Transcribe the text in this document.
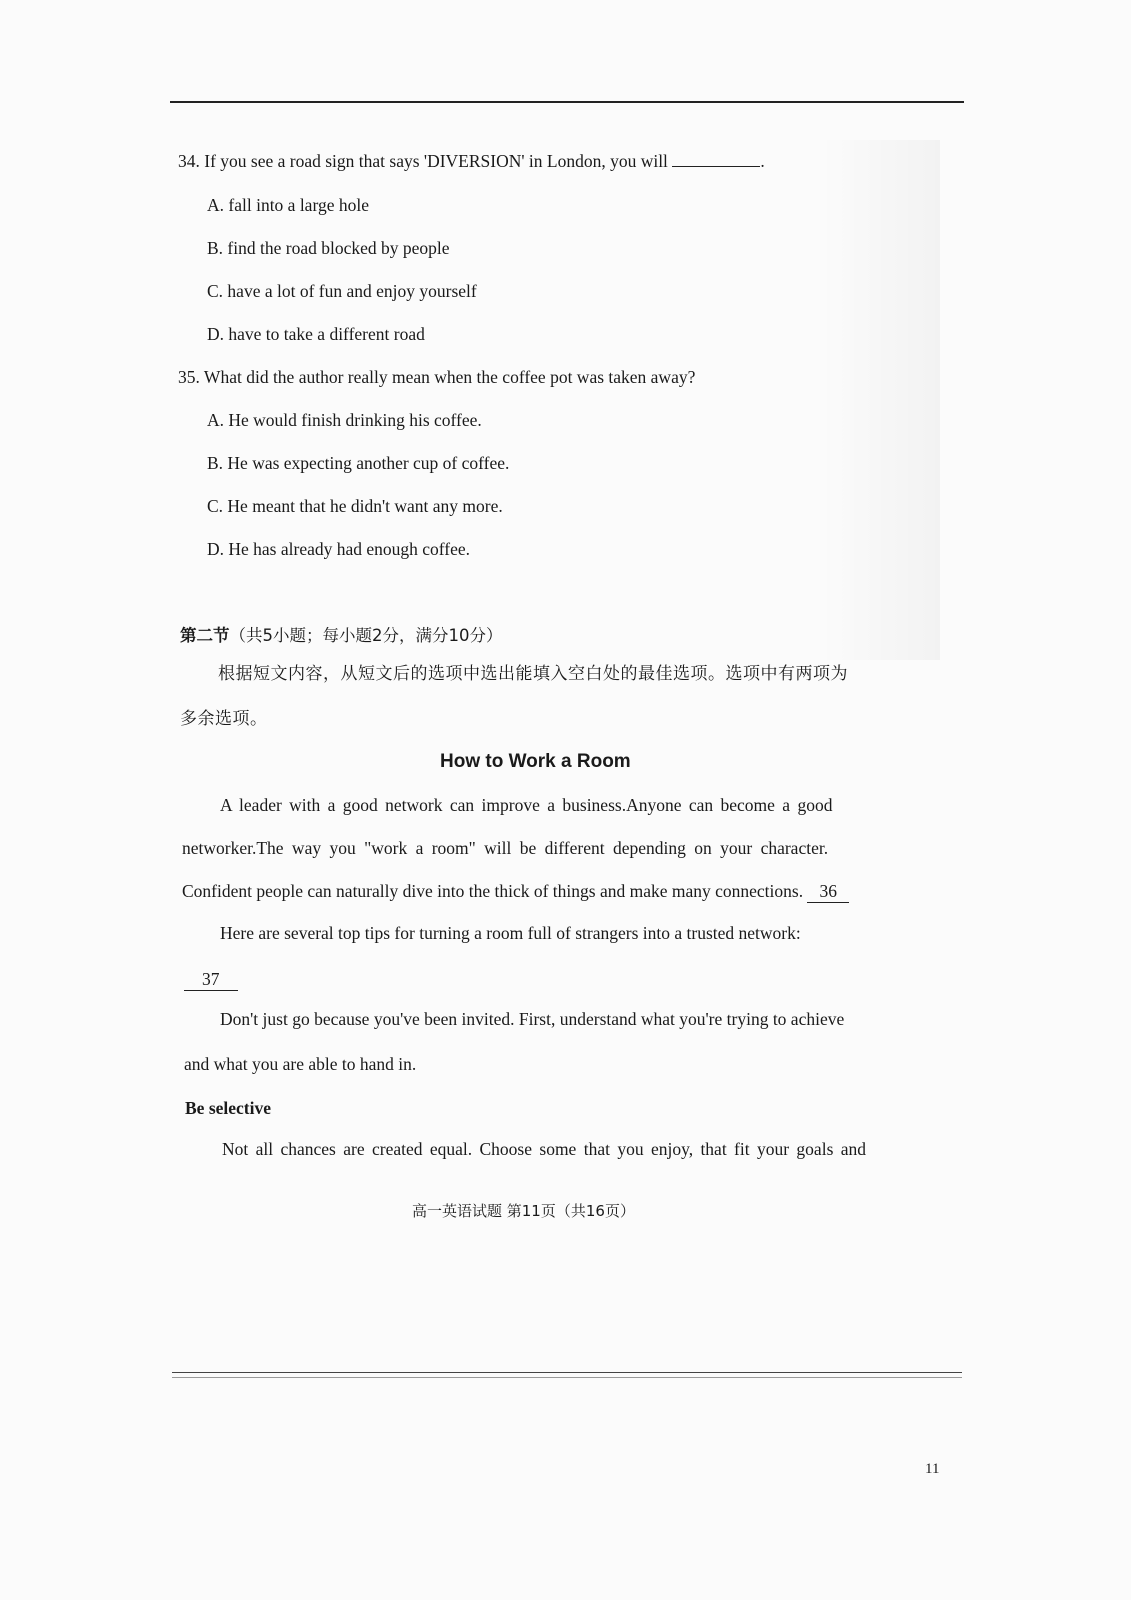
34. If you see a road sign that says 'DIVERSION' in London, you will	.
A. fall into a large hole
B. find the road blocked by people
C. have a lot of fun and enjoy yourself
D. have to take a different road
35. What did the author really mean when the coffee pot was taken away?
A. He would finish drinking his coffee.
B. He was expecting another cup of coffee.
C. He meant that he didn't want any more.
D. He has already had enough coffee.
第二节（共5小题；每小题2分，满分10分）
根据短文内容，从短文后的选项中选出能填入空白处的最佳选项。选项中有两项为
多余选项。
How to Work a Room
A leader with a good network can improve a business.Anyone can become a good
networker.The way you "work a room" will be different depending on your character.
Confident people can naturally dive into the thick of things and make many connections. 36
Here are several top tips for turning a room full of strangers into a trusted network:
37
Don't just go because you've been invited. First, understand what you're trying to achieve
and what you are able to hand in.
Be selective
Not all chances are created equal. Choose some that you enjoy, that fit your goals and
高一英语试题 第11页（共16页）
11
